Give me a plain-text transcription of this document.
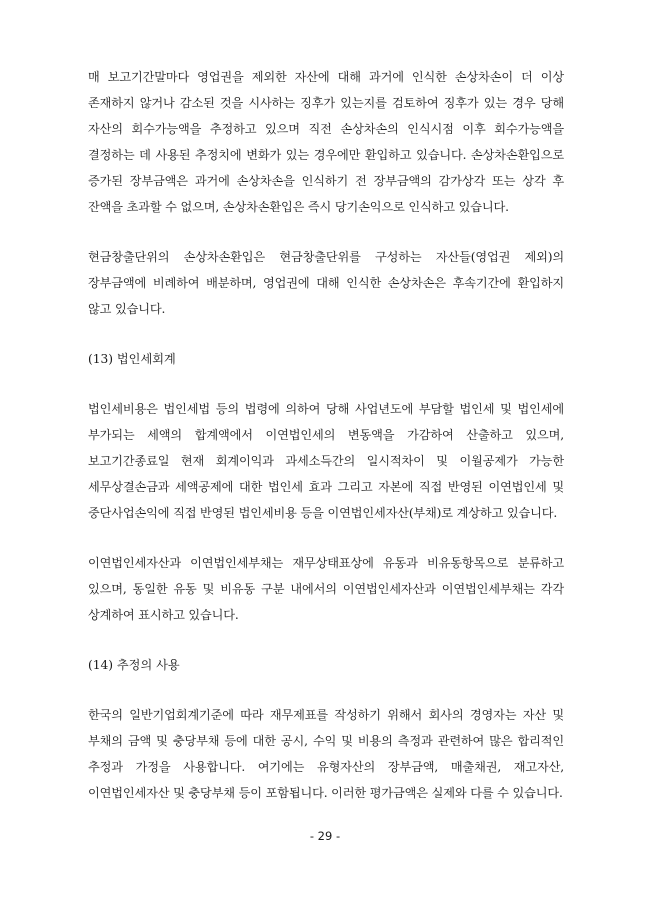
매 보고기간말마다 영업권을 제외한 자산에 대해 과거에 인식한 손상차손이 더 이상 존재하지 않거나 감소된 것을 시사하는 징후가 있는지를 검토하여 징후가 있는 경우 당해 자산의 회수가능액을 추정하고 있으며 직전 손상차손의 인식시점 이후 회수가능액을 결정하는 데 사용된 추정치에 변화가 있는 경우에만 환입하고 있습니다. 손상차손환입으로 증가된 장부금액은 과거에 손상차손을 인식하기 전 장부금액의 감가상각 또는 상각 후 잔액을 초과할 수 없으며, 손상차손환입은 즉시 당기손익으로 인식하고 있습니다.

현금창출단위의 손상차손환입은 현금창출단위를 구성하는 자산들(영업권 제외)의 장부금액에 비례하여 배분하며, 영업권에 대해 인식한 손상차손은 후속기간에 환입하지 않고 있습니다.

(13) 법인세회계

법인세비용은 법인세법 등의 법령에 의하여 당해 사업년도에 부담할 법인세 및 법인세에 부가되는 세액의 합계액에서 이연법인세의 변동액을 가감하여 산출하고 있으며, 보고기간종료일 현재 회계이익과 과세소득간의 일시적차이 및 이월공제가 가능한 세무상결손금과 세액공제에 대한 법인세 효과 그리고 자본에 직접 반영된 이연법인세 및 중단사업손익에 직접 반영된 법인세비용 등을 이연법인세자산(부채)로 계상하고 있습니다.

이연법인세자산과 이연법인세부채는 재무상태표상에 유동과 비유동항목으로 분류하고 있으며, 동일한 유동 및 비유동 구분 내에서의 이연법인세자산과 이연법인세부채는 각각 상계하여 표시하고 있습니다.

(14) 추정의 사용

한국의 일반기업회계기준에 따라 재무제표를 작성하기 위해서 회사의 경영자는 자산 및 부채의 금액 및 충당부채 등에 대한 공시, 수익 및 비용의 측정과 관련하여 많은 합리적인 추정과 가정을 사용합니다. 여기에는 유형자산의 장부금액, 매출채권, 재고자산, 이연법인세자산 및 충당부채 등이 포함됩니다. 이러한 평가금액은 실제와 다를 수 있습니다.

- 29 -
